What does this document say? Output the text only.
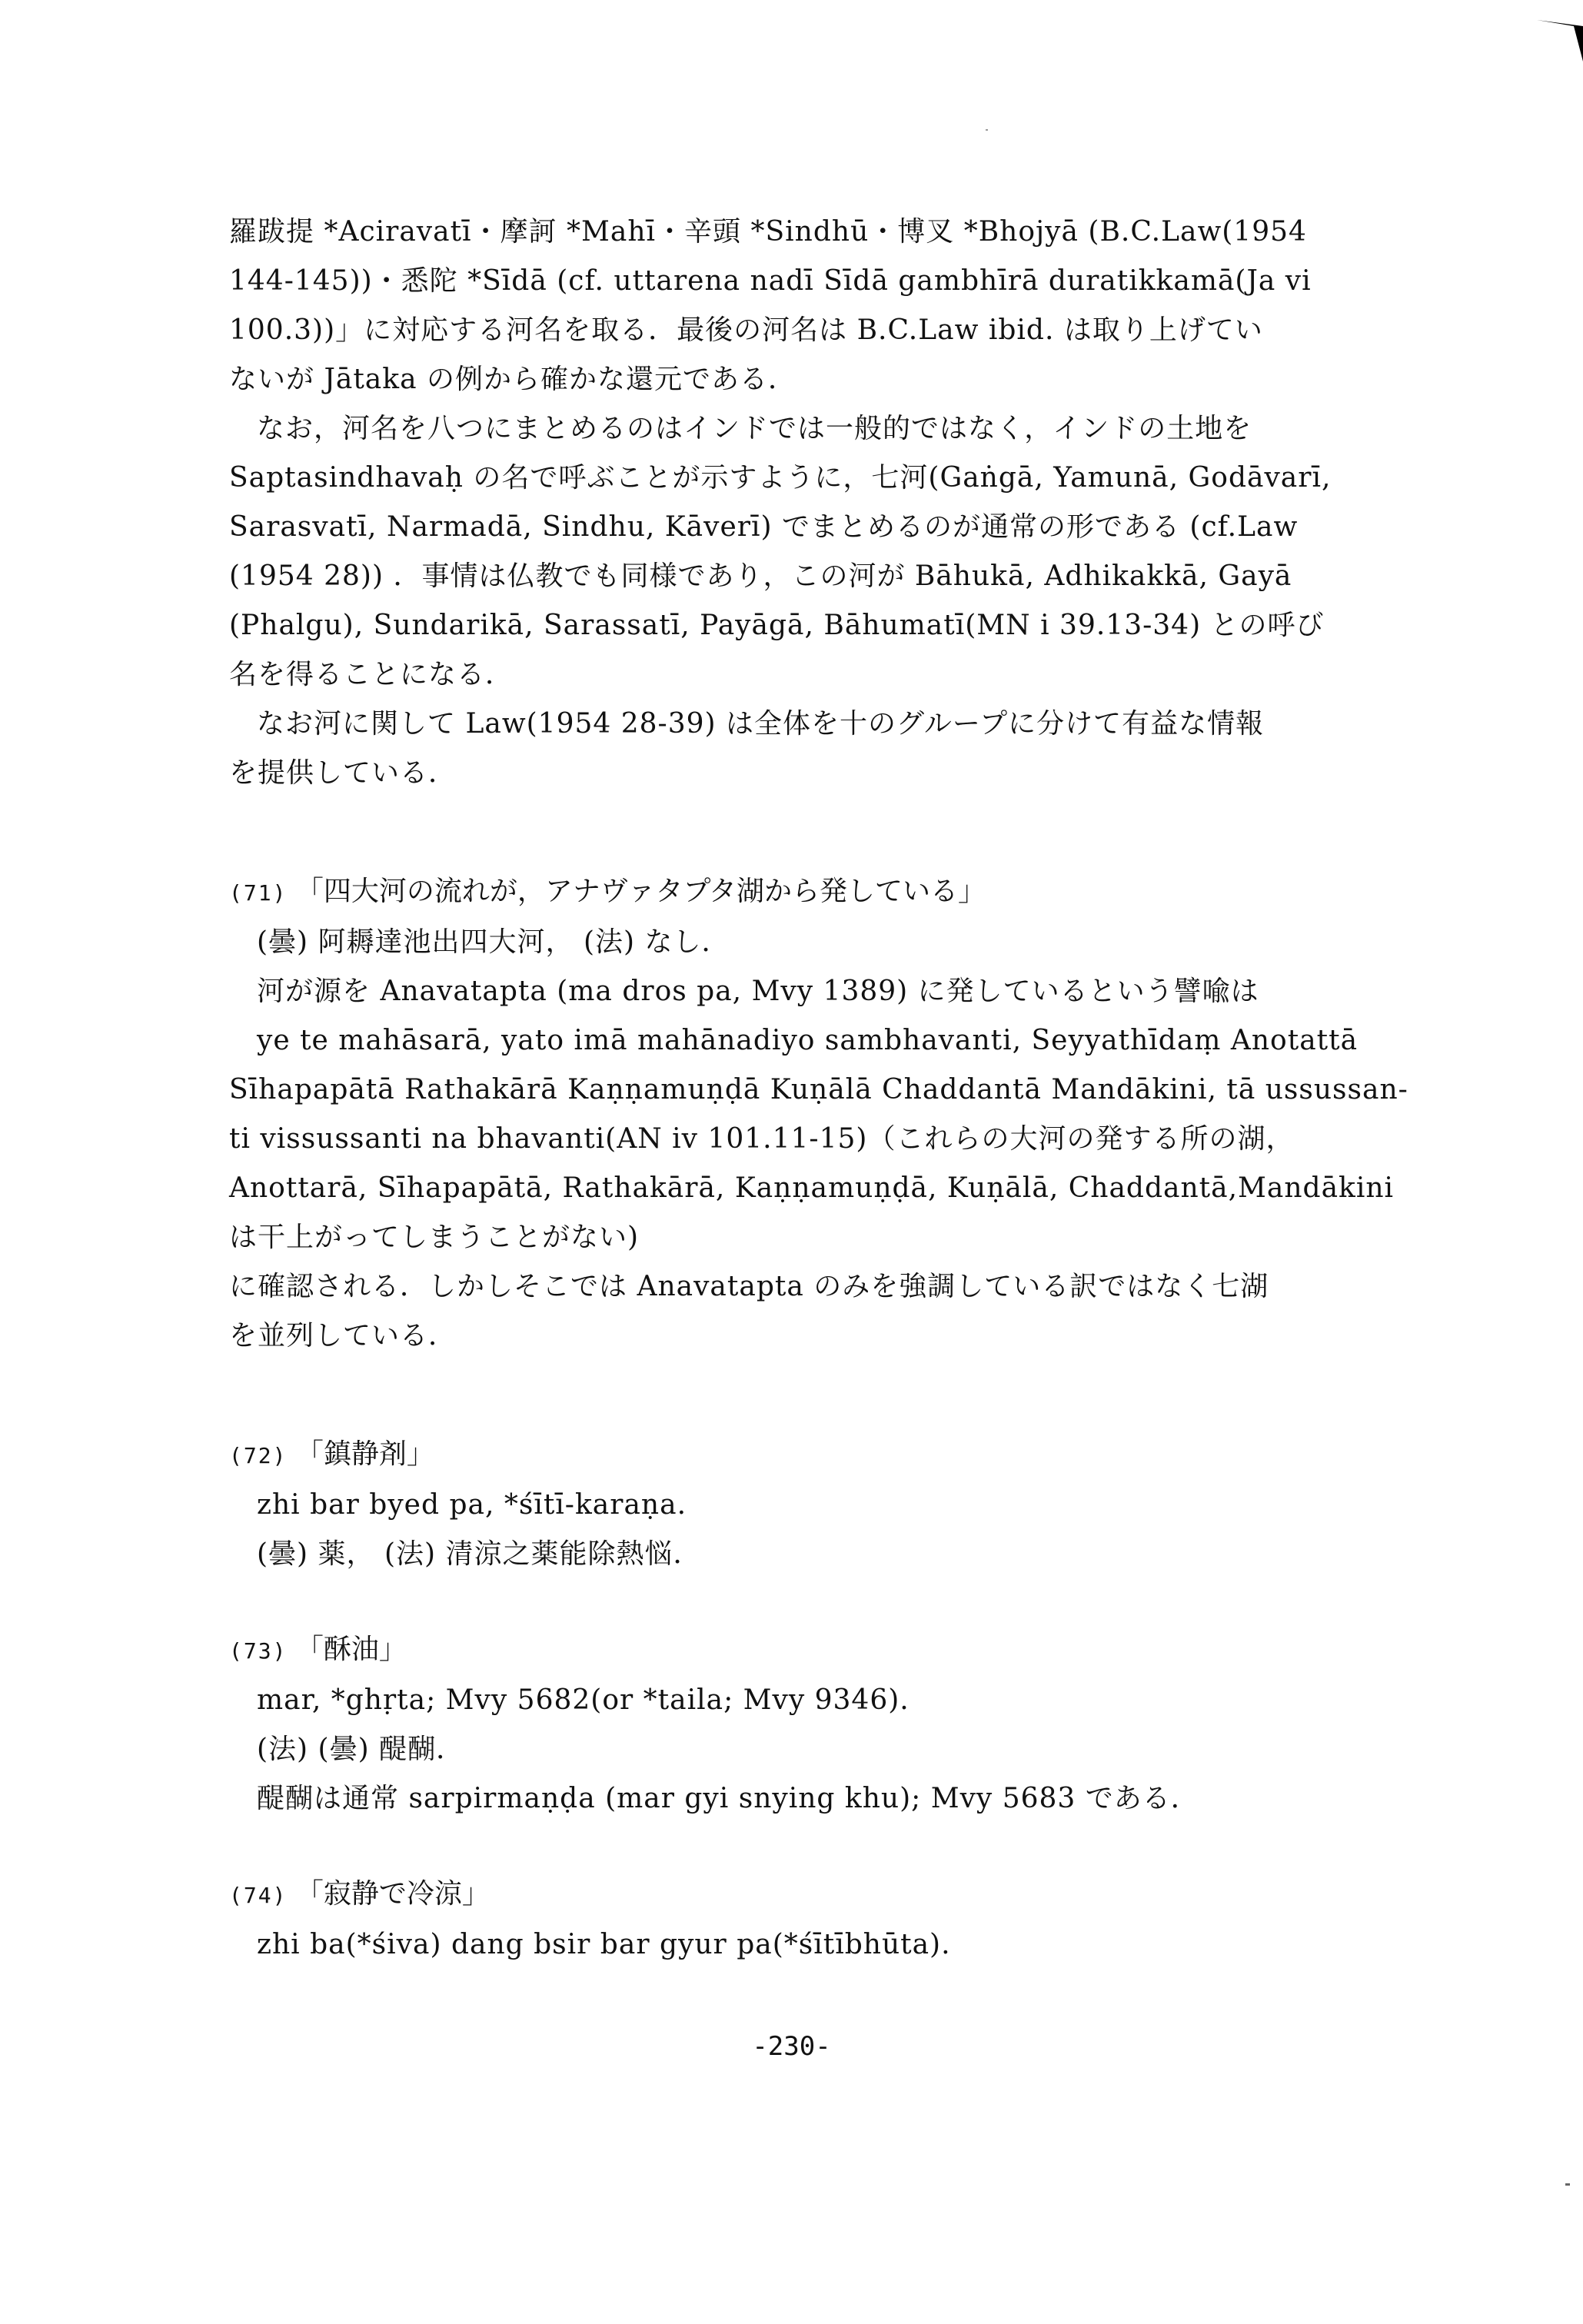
羅跋提 *Aciravatī・摩訶 *Mahī・辛頭 *Sindhū・博叉 *Bhojyā (B.C.Law(1954
144-145))・悉陀 *Sīdā (cf. uttarena nadī Sīdā gambhīrā duratikkamā(Ja vi
100.3))」に対応する河名を取る．最後の河名は B.C.Law ibid. は取り上げてい
ないが Jātaka の例から確かな還元である．
なお，河名を八つにまとめるのはインドでは一般的ではなく，インドの土地を
Saptasindhavaḥ の名で呼ぶことが示すように，七河(Gaṅgā, Yamunā, Godāvarī,
Sarasvatī, Narmadā, Sindhu, Kāverī) でまとめるのが通常の形である (cf.Law
(1954 28)) ．事情は仏教でも同様であり，この河が Bāhukā, Adhikakkā, Gayā
(Phalgu), Sundarikā, Sarassatī, Payāgā, Bāhumatī(MN i 39.13-34) との呼び
名を得ることになる．
なお河に関して Law(1954 28-39) は全体を十のグループに分けて有益な情報
を提供している．
(71) 「四大河の流れが，アナヴァタプタ湖から発している」
(曇) 阿耨達池出四大河， (法) なし．
河が源を Anavatapta (ma dros pa, Mvy 1389) に発しているという譬喩は
ye te mahāsarā, yato imā mahānadiyo sambhavanti, Seyyathīdaṃ Anotattā
Sīhapapātā Rathakārā Kaṇṇamuṇḍā Kuṇālā Chaddantā Mandākini, tā ussussan-
ti vissussanti na bhavanti(AN iv 101.11-15)（これらの大河の発する所の湖，
Anottarā, Sīhapapātā, Rathakārā, Kaṇṇamuṇḍā, Kuṇālā, Chaddantā,Mandākini
は干上がってしまうことがない)
に確認される．しかしそこでは Anavatapta のみを強調している訳ではなく七湖
を並列している．
(72) 「鎮静剤」
zhi bar byed pa, *śītī-karaṇa.
(曇) 薬， (法) 清涼之薬能除熱悩．
(73) 「酥油」
mar, *ghṛta; Mvy 5682(or *taila; Mvy 9346).
(法) (曇) 醍醐．
醍醐は通常 sarpirmaṇḍa (mar gyi snying khu); Mvy 5683 である．
(74) 「寂静で冷涼」
zhi ba(*śiva) dang bsir bar gyur pa(*śītībhūta).
-230-
